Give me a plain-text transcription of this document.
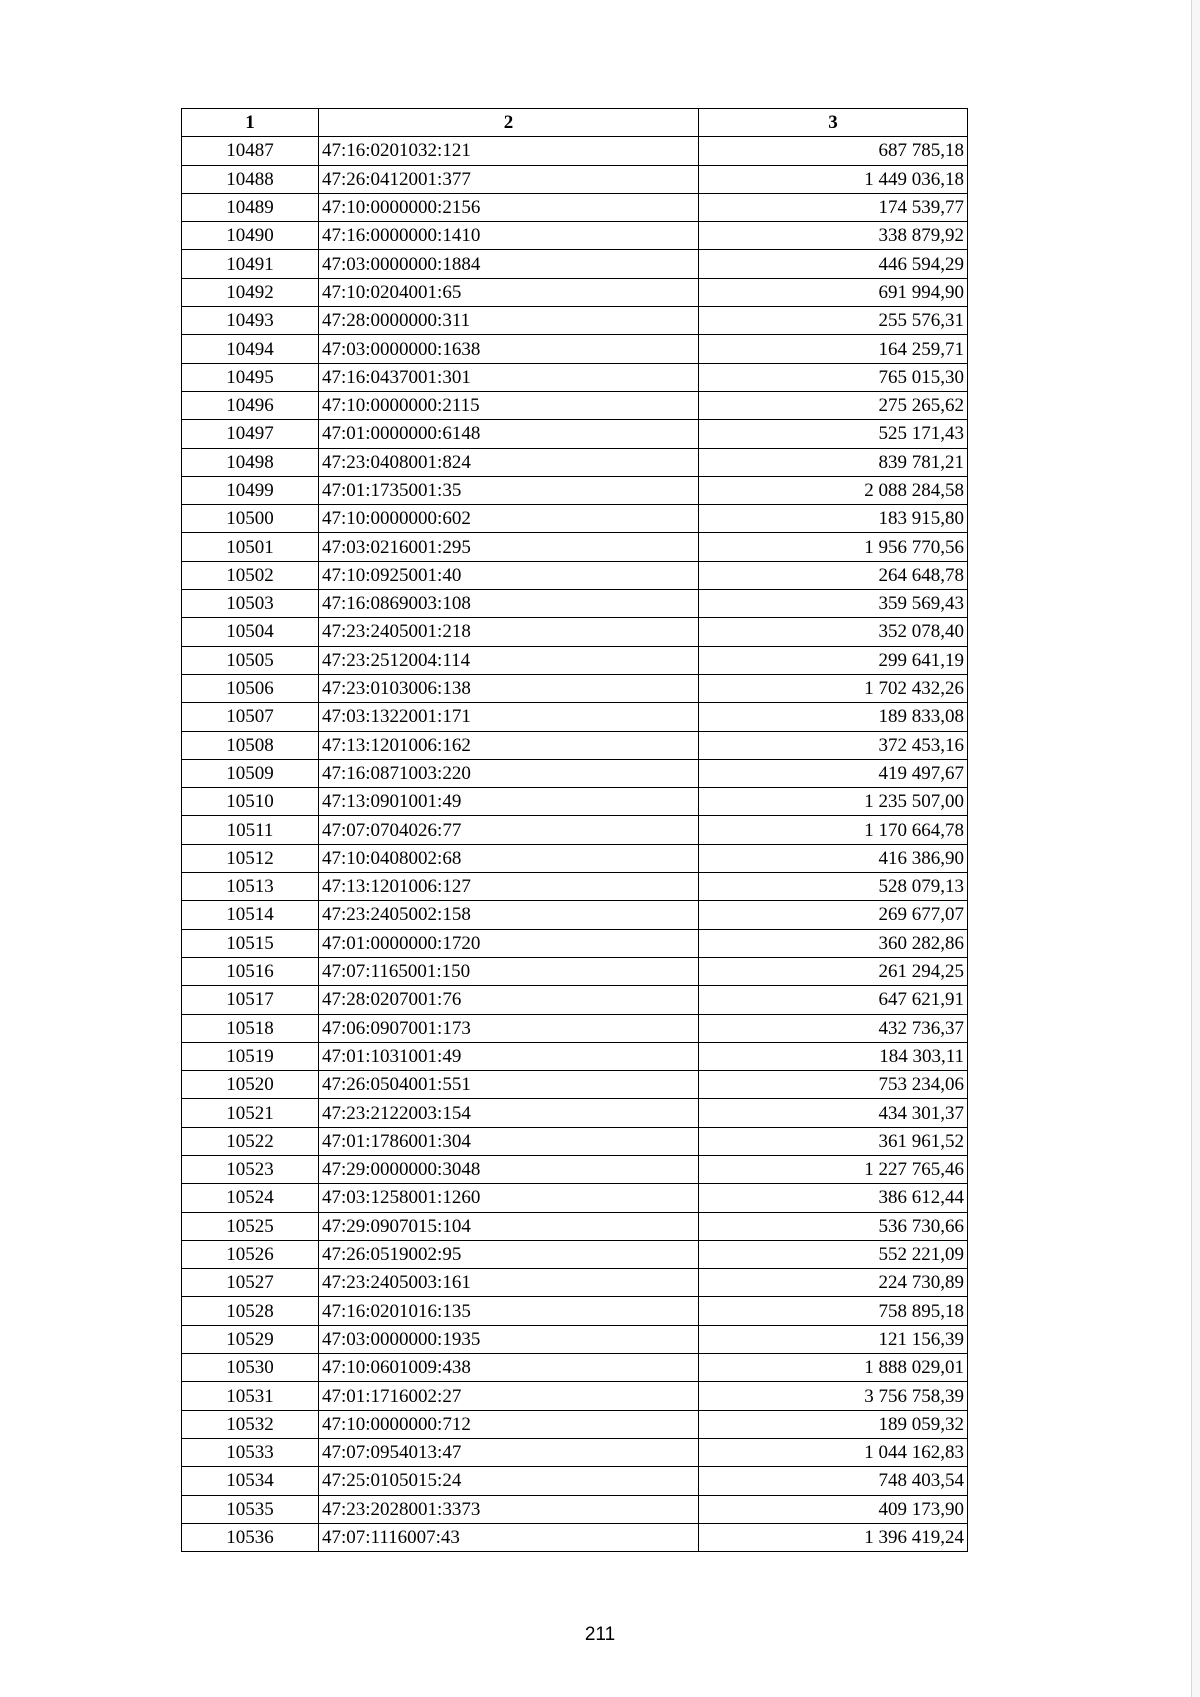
1	2	3
10487	47:16:0201032:121	687 785,18
10488	47:26:0412001:377	1 449 036,18
10489	47:10:0000000:2156	174 539,77
10490	47:16:0000000:1410	338 879,92
10491	47:03:0000000:1884	446 594,29
10492	47:10:0204001:65	691 994,90
10493	47:28:0000000:311	255 576,31
10494	47:03:0000000:1638	164 259,71
10495	47:16:0437001:301	765 015,30
10496	47:10:0000000:2115	275 265,62
10497	47:01:0000000:6148	525 171,43
10498	47:23:0408001:824	839 781,21
10499	47:01:1735001:35	2 088 284,58
10500	47:10:0000000:602	183 915,80
10501	47:03:0216001:295	1 956 770,56
10502	47:10:0925001:40	264 648,78
10503	47:16:0869003:108	359 569,43
10504	47:23:2405001:218	352 078,40
10505	47:23:2512004:114	299 641,19
10506	47:23:0103006:138	1 702 432,26
10507	47:03:1322001:171	189 833,08
10508	47:13:1201006:162	372 453,16
10509	47:16:0871003:220	419 497,67
10510	47:13:0901001:49	1 235 507,00
10511	47:07:0704026:77	1 170 664,78
10512	47:10:0408002:68	416 386,90
10513	47:13:1201006:127	528 079,13
10514	47:23:2405002:158	269 677,07
10515	47:01:0000000:1720	360 282,86
10516	47:07:1165001:150	261 294,25
10517	47:28:0207001:76	647 621,91
10518	47:06:0907001:173	432 736,37
10519	47:01:1031001:49	184 303,11
10520	47:26:0504001:551	753 234,06
10521	47:23:2122003:154	434 301,37
10522	47:01:1786001:304	361 961,52
10523	47:29:0000000:3048	1 227 765,46
10524	47:03:1258001:1260	386 612,44
10525	47:29:0907015:104	536 730,66
10526	47:26:0519002:95	552 221,09
10527	47:23:2405003:161	224 730,89
10528	47:16:0201016:135	758 895,18
10529	47:03:0000000:1935	121 156,39
10530	47:10:0601009:438	1 888 029,01
10531	47:01:1716002:27	3 756 758,39
10532	47:10:0000000:712	189 059,32
10533	47:07:0954013:47	1 044 162,83
10534	47:25:0105015:24	748 403,54
10535	47:23:2028001:3373	409 173,90
10536	47:07:1116007:43	1 396 419,24
211
